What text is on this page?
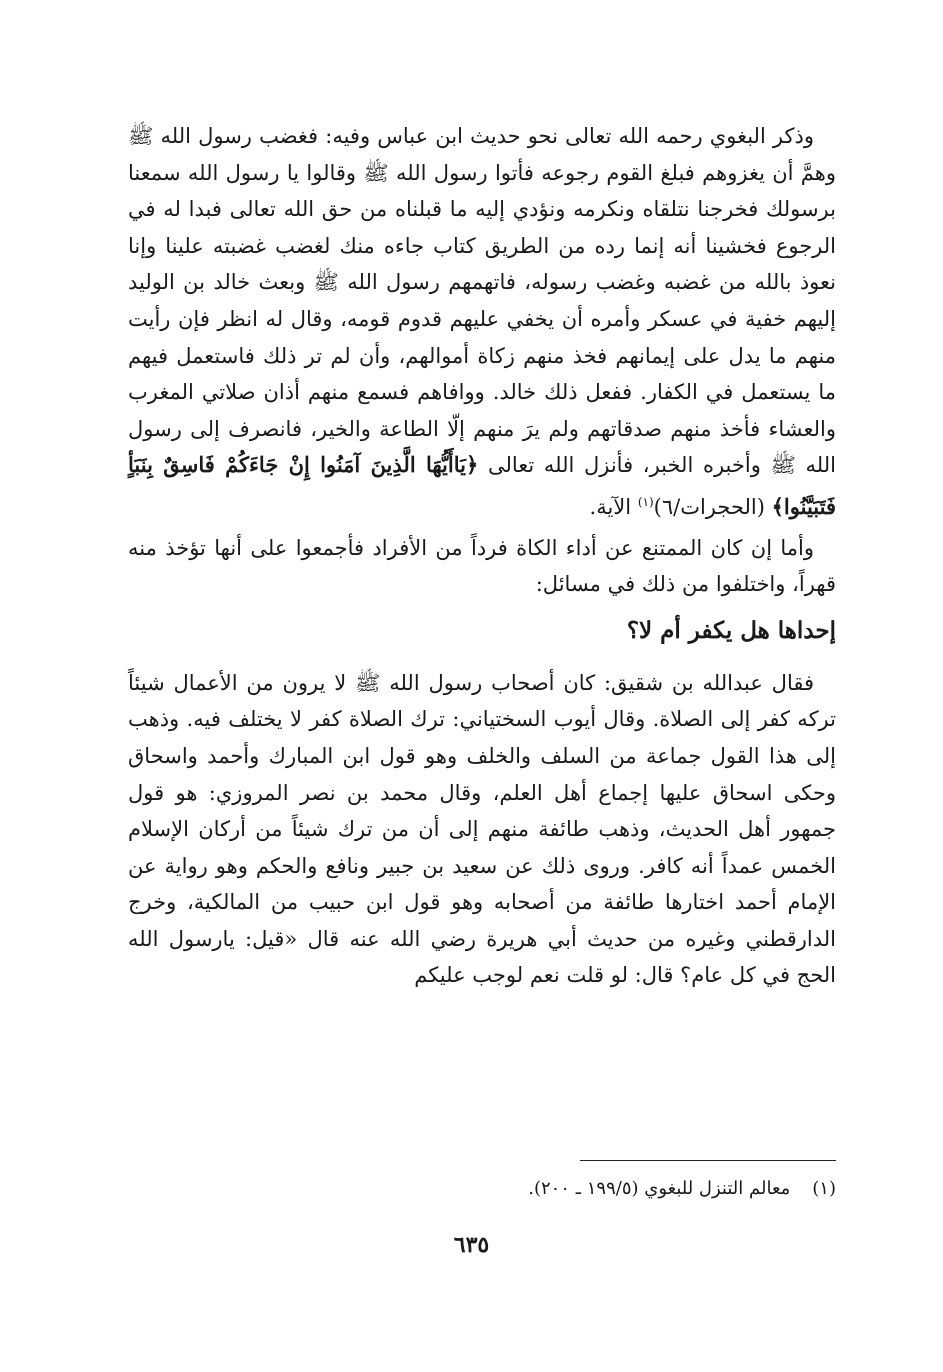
وذكر البغوي رحمه الله تعالى نحو حديث ابن عباس وفيه: فغضب رسول الله ﷺ وهمَّ أن يغزوهم فبلغ القوم رجوعه فأتوا رسول الله ﷺ وقالوا يا رسول الله سمعنا برسولك فخرجنا نتلقاه ونكرمه ونؤدي إليه ما قبلناه من حق الله تعالى فبدا له في الرجوع فخشينا أنه إنما رده من الطريق كتاب جاءه منك لغضب غضبته علينا وإنا نعوذ بالله من غضبه وغضب رسوله، فاتهمهم رسول الله ﷺ وبعث خالد بن الوليد إليهم خفية في عسكر وأمره أن يخفي عليهم قدوم قومه، وقال له انظر فإن رأيت منهم ما يدل على إيمانهم فخذ منهم زكاة أموالهم، وأن لم تر ذلك فاستعمل فيهم ما يستعمل في الكفار. ففعل ذلك خالد. ووافاهم فسمع منهم أذان صلاتي المغرب والعشاء فأخذ منهم صدقاتهم ولم يرَ منهم إلّا الطاعة والخير، فانصرف إلى رسول الله ﷺ وأخبره الخبر، فأنزل الله تعالى ﴿يَاأَيُّهَا الَّذِينَ آمَنُوا إِنْ جَاءَكُمْ فَاسِقٌ بِنَبَأٍ فَتَبَيَّنُوا﴾ (الحجرات/٦)$^{(١)}$ الآية.

وأما إن كان الممتنع عن أداء الكاة فرداً من الأفراد فأجمعوا على أنها تؤخذ منه قهراً، واختلفوا من ذلك في مسائل:

إحداها هل يكفر أم لا؟

فقال عبدالله بن شقيق: كان أصحاب رسول الله ﷺ لا يرون من الأعمال شيئاً تركه كفر إلى الصلاة. وقال أيوب السختياني: ترك الصلاة كفر لا يختلف فيه. وذهب إلى هذا القول جماعة من السلف والخلف وهو قول ابن المبارك وأحمد واسحاق وحكى اسحاق عليها إجماع أهل العلم، وقال محمد بن نصر المروزي: هو قول جمهور أهل الحديث، وذهب طائفة منهم إلى أن من ترك شيئاً من أركان الإسلام الخمس عمداً أنه كافر. وروى ذلك عن سعيد بن جبير ونافع والحكم وهو رواية عن الإمام أحمد اختارها طائفة من أصحابه وهو قول ابن حبيب من المالكية، وخرج الدارقطني وغيره من حديث أبي هريرة رضي الله عنه قال «قيل: يارسول الله الحج في كل عام؟ قال: لو قلت نعم لوجب عليكم

(١)معالم التنزل للبغوي (١٩٩/٥ ـ ٢٠٠).
٦٣٥
